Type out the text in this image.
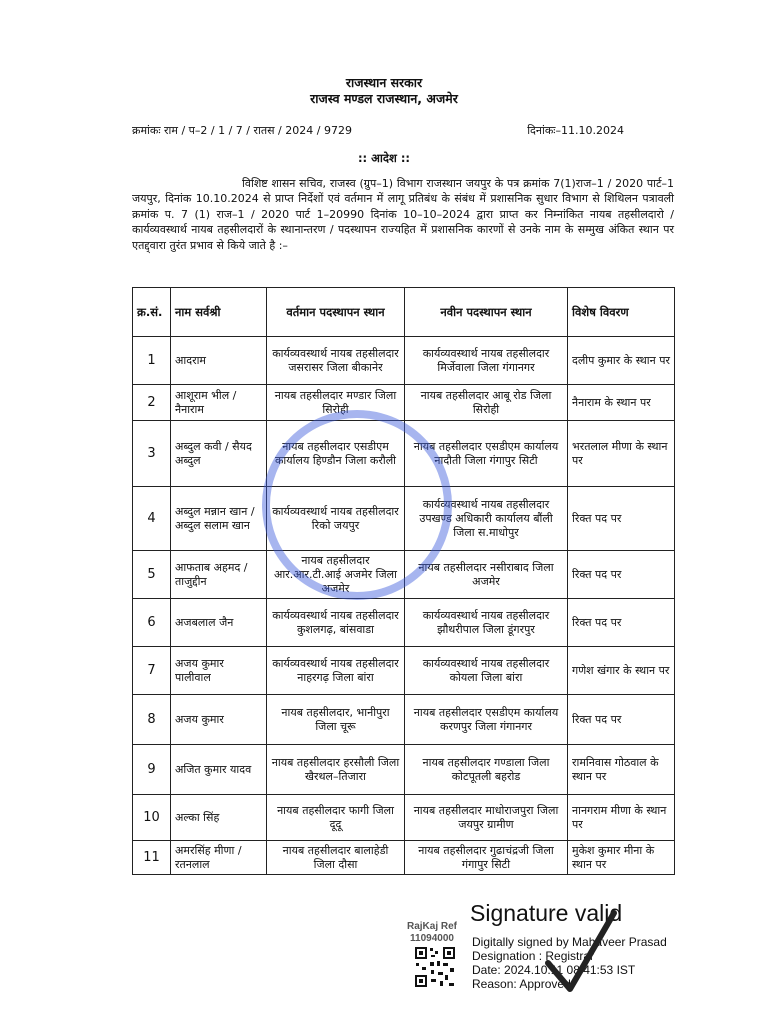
राजस्थान सरकार
राजस्व मण्डल राजस्थान, अजमेर
क्रमांकः राम / प–2 / 1 / 7 / रातस / 2024 / 9729	दिनांकः–11.10.2024
:: आदेश ::
विशिष्ट शासन सचिव, राजस्व (ग्रुप–1) विभाग राजस्थान जयपुर के पत्र क्रमांक 7(1)राज–1 / 2020 पार्ट–1 जयपुर, दिनांक 10.10.2024 से प्राप्त निर्देशों एवं वर्तमान में लागू प्रतिबंध के संबंध में प्रशासनिक सुधार विभाग से शिथिलन पत्रावली क्रमांक प. 7 (1) राज–1 / 2020 पार्ट 1–20990 दिनांक 10–10–2024 द्वारा प्राप्त कर निम्नांकित नायब तहसीलदारो / कार्यव्यवस्थार्थ नायब तहसीलदारों के स्थानान्तरण / पदस्थापन राज्यहित में प्रशासनिक कारणों से उनके नाम के सम्मुख अंकित स्थान पर एतद्द्वारा तुरंत प्रभाव से किये जाते है :–
क्र.सं.	नाम सर्वश्री	वर्तमान पदस्थापन स्थान	नवीन पदस्थापन स्थान	विशेष विवरण
1	आदराम	कार्यव्यवस्थार्थ नायब तहसीलदार जसरासर जिला बीकानेर	कार्यव्यवस्थार्थ नायब तहसीलदार मिर्जेवाला जिला गंगानगर	दलीप कुमार के स्थान पर
2	आशूराम भील / नैनाराम	नायब तहसीलदार मण्डार जिला सिरोही	नायब तहसीलदार आबू रोड जिला सिरोही	नैनाराम के स्थान पर
3	अब्दुल कवी / सैयद अब्दुल	नायब तहसीलदार एसडीएम कार्यालय हिण्डौन जिला करौली	नायब तहसीलदार एसडीएम कार्यालय नादौती जिला गंगापुर सिटी	भरतलाल मीणा के स्थान पर
4	अब्दुल मन्नान खान / अब्दुल सलाम खान	कार्यव्यवस्थार्थ नायब तहसीलदार रिको जयपुर	कार्यव्यवस्थार्थ नायब तहसीलदार उपखण्ड अधिकारी कार्यालय बौंली जिला स.माधोपुर	रिक्त पद पर
5	आफताब अहमद / ताजुद्दीन	नायब तहसीलदार आर.आर.टी.आई अजमेर जिला अजमेर	नायब तहसीलदार नसीराबाद जिला अजमेर	रिक्त पद पर
6	अजबलाल जैन	कार्यव्यवस्थार्थ नायब तहसीलदार कुशलगढ़, बांसवाडा	कार्यव्यवस्थार्थ नायब तहसीलदार झौथरीपाल जिला डूंगरपुर	रिक्त पद पर
7	अजय कुमार पालीवाल	कार्यव्यवस्थार्थ नायब तहसीलदार नाहरगढ़ जिला बांरा	कार्यव्यवस्थार्थ नायब तहसीलदार कोयला जिला बांरा	गणेश खंगार के स्थान पर
8	अजय कुमार	नायब तहसीलदार, भानीपुरा जिला चूरू	नायब तहसीलदार एसडीएम कार्यालय करणपुर जिला गंगानगर	रिक्त पद पर
9	अजित कुमार यादव	नायब तहसीलदार हरसौली जिला खैरथल–तिजारा	नायब तहसीलदार गण्डाला जिला कोटपूतली बहरोड	रामनिवास गोठवाल के स्थान पर
10	अल्का सिंह	नायब तहसीलदार फागी जिला दूदू	नायब तहसीलदार माधोराजपुरा जिला जयपुर ग्रामीण	नानगराम मीणा के स्थान पर
11	अमरसिंह मीणा / रतनलाल	नायब तहसीलदार बालाहेडी जिला दौसा	नायब तहसीलदार गुढाचंद्रजी जिला गंगापुर सिटी	मुकेश कुमार मीना के स्थान पर
RajKaj Ref
11094000
Signature valid
Digitally signed by Mahaveer Prasad
Designation : Registrar
Date: 2024.10.11 08:41:53 IST
Reason: Approved
